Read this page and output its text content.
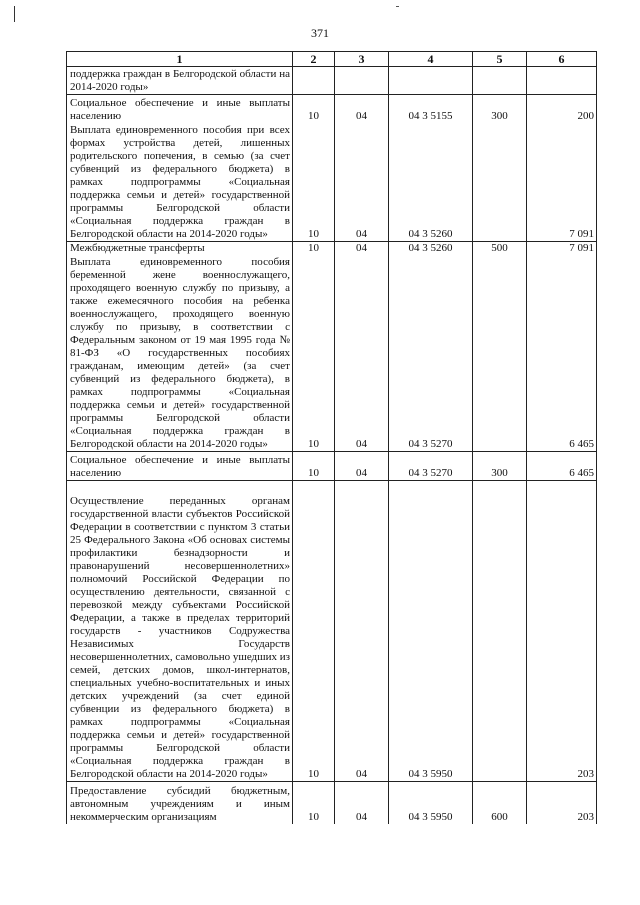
371
1	2	3	4	5	6
поддержка граждан в Белгородской области на 2014-2020 годы»					
Социальное обеспечение и иные выплаты населению	10	04	04 3 5155	300	200
Выплата единовременного пособия при всех формах устройства детей, лишенных родительского попечения, в семью (за счет субвенций из федерального бюджета) в рамках подпрограммы «Социальная поддержка семьи и детей» государственной программы Белгородской области «Социальная поддержка граждан в Белгородской области на 2014-2020 годы»	10	04	04 3 5260		7 091
Межбюджетные трансферты	10	04	04 3 5260	500	7 091
Выплата единовременного пособия беременной жене военнослужащего, проходящего военную службу по призыву, а также ежемесячного пособия на ребенка военнослужащего, проходящего военную службу по призыву, в соответствии с Федеральным законом от 19 мая 1995 года № 81-ФЗ «О государственных пособиях гражданам, имеющим детей» (за счет субвенций из федерального бюджета), в рамках подпрограммы «Социальная поддержка семьи и детей» государственной программы Белгородской области «Социальная поддержка граждан в Белгородской области на 2014-2020 годы»	10	04	04 3 5270		6 465
Социальное обеспечение и иные выплаты населению	10	04	04 3 5270	300	6 465
Осуществление переданных органам государственной власти субъектов Российской Федерации в соответствии с пунктом 3 статьи 25 Федерального Закона «Об основах системы профилактики безнадзорности и правонарушений несовершеннолетних» полномочий Российской Федерации по осуществлению деятельности, связанной с перевозкой между субъектами Российской Федерации, а также в пределах территорий государств - участников Содружества Независимых Государств несовершеннолетних, самовольно ушедших из семей, детских домов, школ-интернатов, специальных учебно-воспитательных и иных детских учреждений (за счет единой субвенции из федерального бюджета) в рамках подпрограммы «Социальная поддержка семьи и детей» государственной программы Белгородской области «Социальная поддержка граждан в Белгородской области на 2014-2020 годы»	10	04	04 3 5950		203
Предоставление субсидий бюджетным, автономным учреждениям и иным некоммерческим организациям	10	04	04 3 5950	600	203
